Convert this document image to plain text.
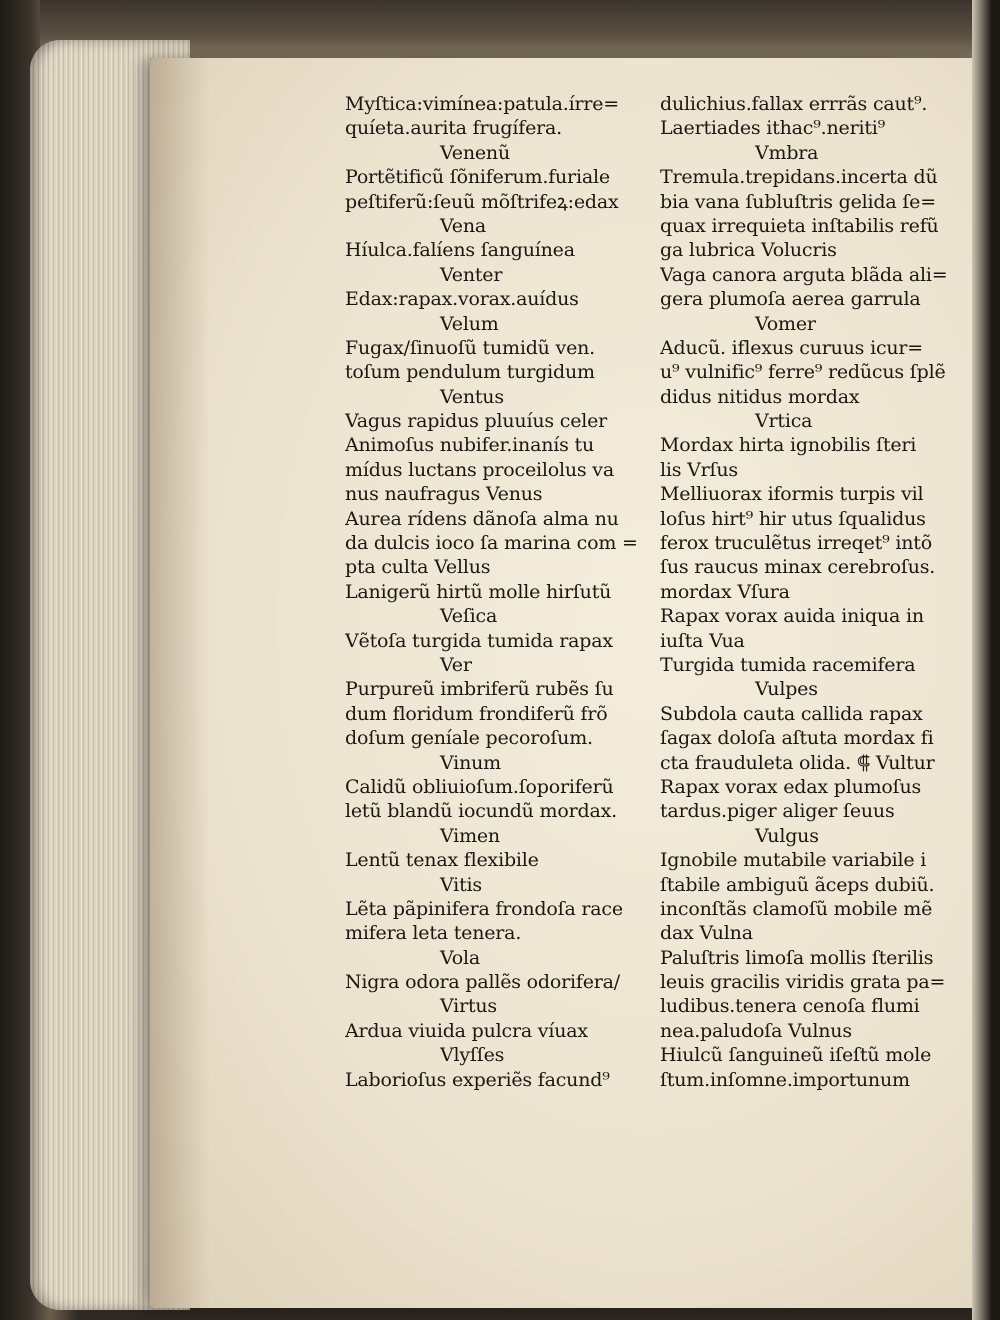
Myſtica:vimínea:patula.írre=
quíeta.aurita frugífera.
Venenũ
Portẽtificũ ſõniferum.furiale
peſtiferũ:ſeuũ mõſtrifeꝝ:edax
Vena
Híulca.falíens ſanguínea
Venter
Edax:rapax.vorax.auídus
Velum
Fugax/ſinuoſũ tumidũ ven.
toſum pendulum turgidum
Ventus
Vagus rapidus pluuíus celer
Animoſus nubifer.inanís tu
mídus luctans proceilolus va
nus naufragus Venus
Aurea rídens dãnoſa alma nu
da dulcis ioco ſa marina com =
pta culta Vellus
Lanigerũ hirtũ molle hirſutũ
Veſica
Vẽtoſa turgida tumida rapax
Ver
Purpureũ imbriferũ rubẽs ſu
dum floridum frondiferũ frõ
doſum geníale pecoroſum.
Vinum
Calidũ obliuioſum.ſoporiferũ
letũ blandũ iocundũ mordax.
Vimen
Lentũ tenax flexibile
Vitis
Lẽta pãpinifera frondoſa race
mifera leta tenera.
Vola
Nigra odora pallẽs odorifera/
Virtus
Ardua viuida pulcra víuax
Vlyſſes
Laborioſus experiẽs facund⁹
dulichius.fallax errrãs caut⁹.
Laertiades ithac⁹.neriti⁹
Vmbra
Tremula.trepidans.incerta dũ
bia vana ſubluſtris gelida ſe=
quax irrequieta inſtabilis refũ
ga lubrica Volucris
Vaga canora arguta blãda ali=
gera plumoſa aerea garrula
Vomer
Aducũ. iflexus curuus icur=
u⁹ vulnific⁹ ferre⁹ redũcus ſplẽ
didus nitidus mordax
Vrtica
Mordax hirta ignobilis ſteri
lis Vrſus
Melliuorax iformis turpis vil
loſus hirt⁹ hir utus ſqualidus
ferox truculẽtus irreqet⁹ intõ
ſus raucus minax cerebroſus.
mordax Vſura
Rapax vorax auida iniqua in
iuſta Vua
Turgida tumida racemifera
Vulpes
Subdola cauta callida rapax
ſagax doloſa aſtuta mordax fi
cta frauduleta olida. ⸿ Vultur
Rapax vorax edax plumoſus
tardus.piger aliger ſeuus
Vulgus
Ignobile mutabile variabile i
ſtabile ambiguũ ãceps dubiũ.
inconſtãs clamoſũ mobile mẽ
dax Vulna
Paluſtris limoſa mollis ſterilis
leuis gracilis viridis grata pa=
ludibus.tenera cenoſa flumi
nea.paludoſa Vulnus
Hiulcũ ſanguineũ iſeſtũ mole
ſtum.inſomne.importunum
